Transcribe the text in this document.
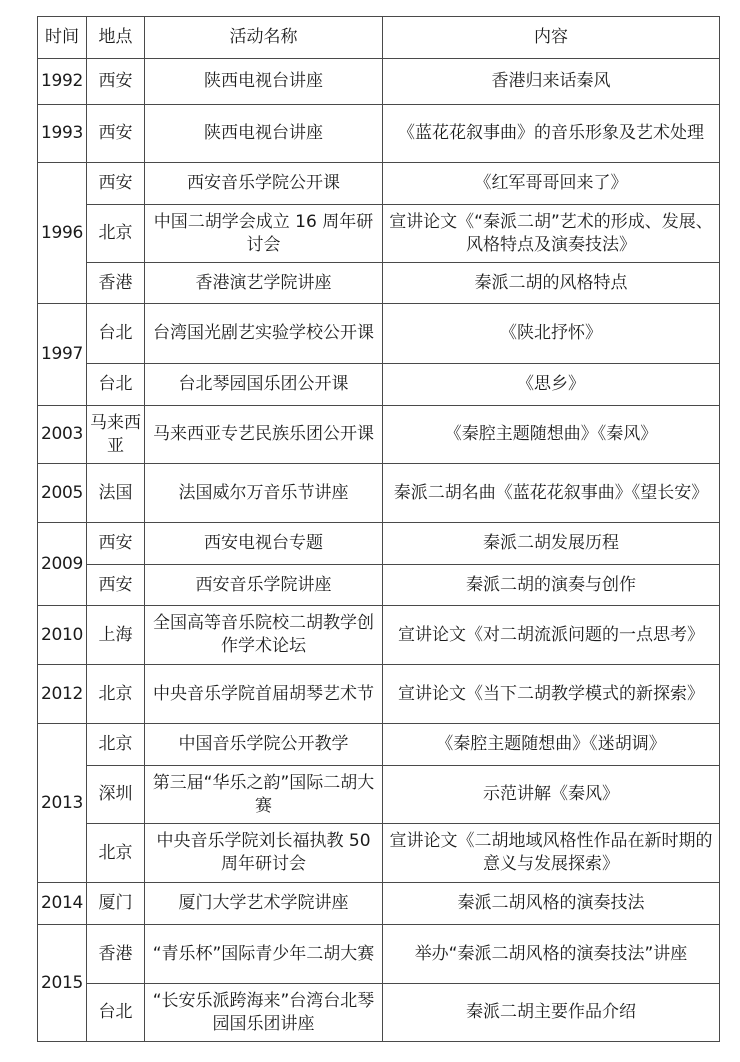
时间	地点	活动名称	内容
1992	西安	陕西电视台讲座	香港归来话秦风
1993	西安	陕西电视台讲座	《蓝花花叙事曲》的音乐形象及艺术处理
1996	西安	西安音乐学院公开课	《红军哥哥回来了》
	北京	中国二胡学会成立 16 周年研讨会	宣讲论文《“秦派二胡”艺术的形成、发展、风格特点及演奏技法》
	香港	香港演艺学院讲座	秦派二胡的风格特点
1997	台北	台湾国光剧艺实验学校公开课	《陕北抒怀》
	台北	台北琴园国乐团公开课	《思乡》
2003	马来西亚	马来西亚专艺民族乐团公开课	《秦腔主题随想曲》《秦风》
2005	法国	法国威尔万音乐节讲座	秦派二胡名曲《蓝花花叙事曲》《望长安》
2009	西安	西安电视台专题	秦派二胡发展历程
	西安	西安音乐学院讲座	秦派二胡的演奏与创作
2010	上海	全国高等音乐院校二胡教学创作学术论坛	宣讲论文《对二胡流派问题的一点思考》
2012	北京	中央音乐学院首届胡琴艺术节	宣讲论文《当下二胡教学模式的新探索》
2013	北京	中国音乐学院公开教学	《秦腔主题随想曲》《迷胡调》
	深圳	第三届“华乐之韵”国际二胡大赛	示范讲解《秦风》
	北京	中央音乐学院刘长福执教 50 周年研讨会	宣讲论文《二胡地域风格性作品在新时期的意义与发展探索》
2014	厦门	厦门大学艺术学院讲座	秦派二胡风格的演奏技法
2015	香港	“青乐杯”国际青少年二胡大赛	举办“秦派二胡风格的演奏技法”讲座
	台北	“长安乐派跨海来”台湾台北琴园国乐团讲座	秦派二胡主要作品介绍
